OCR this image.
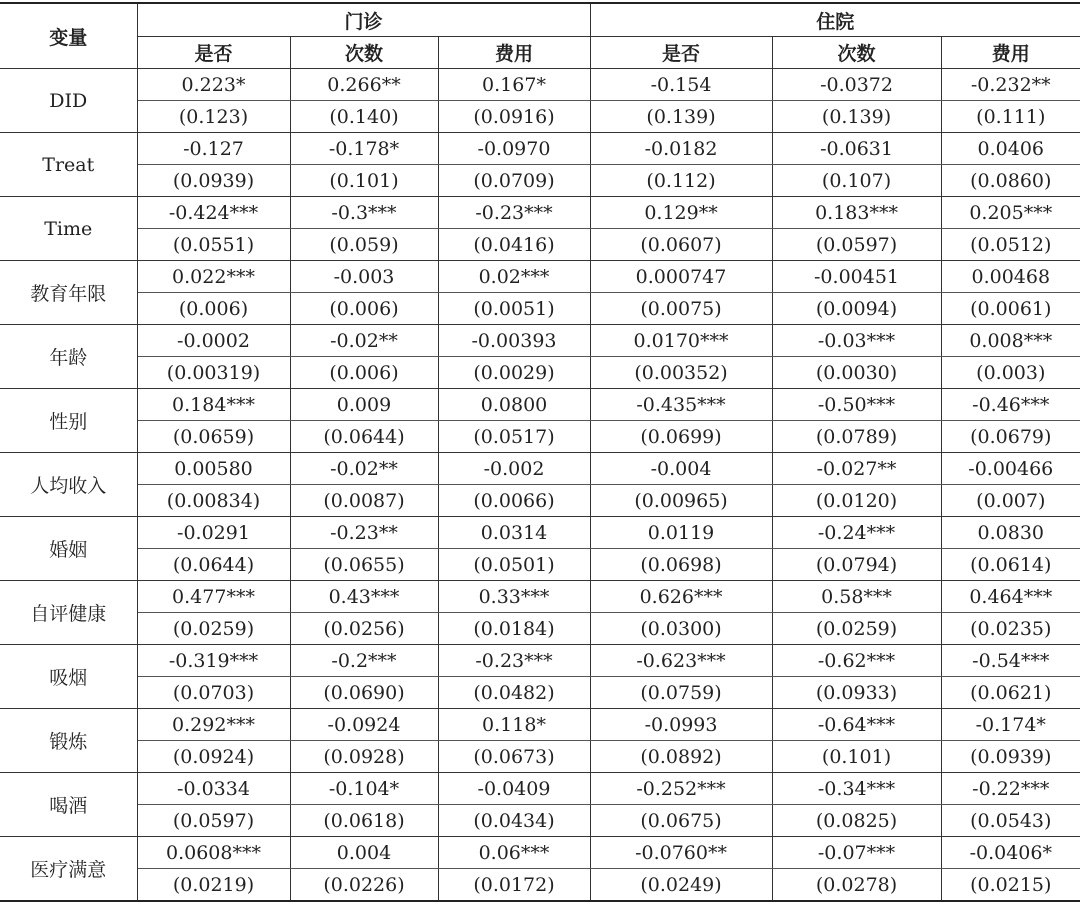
变量	门诊			住院		
	是否	次数	费用	是否	次数	费用
DID	0.223*	0.266**	0.167*	-0.154	-0.0372	-0.232**
	(0.123)	(0.140)	(0.0916)	(0.139)	(0.139)	(0.111)
Treat	-0.127	-0.178*	-0.0970	-0.0182	-0.0631	0.0406
	(0.0939)	(0.101)	(0.0709)	(0.112)	(0.107)	(0.0860)
Time	-0.424***	-0.3***	-0.23***	0.129**	0.183***	0.205***
	(0.0551)	(0.059)	(0.0416)	(0.0607)	(0.0597)	(0.0512)
教育年限	0.022***	-0.003	0.02***	0.000747	-0.00451	0.00468
	(0.006)	(0.006)	(0.0051)	(0.0075)	(0.0094)	(0.0061)
年龄	-0.0002	-0.02**	-0.00393	0.0170***	-0.03***	0.008***
	(0.00319)	(0.006)	(0.0029)	(0.00352)	(0.0030)	(0.003)
性别	0.184***	0.009	0.0800	-0.435***	-0.50***	-0.46***
	(0.0659)	(0.0644)	(0.0517)	(0.0699)	(0.0789)	(0.0679)
人均收入	0.00580	-0.02**	-0.002	-0.004	-0.027**	-0.00466
	(0.00834)	(0.0087)	(0.0066)	(0.00965)	(0.0120)	(0.007)
婚姻	-0.0291	-0.23**	0.0314	0.0119	-0.24***	0.0830
	(0.0644)	(0.0655)	(0.0501)	(0.0698)	(0.0794)	(0.0614)
自评健康	0.477***	0.43***	0.33***	0.626***	0.58***	0.464***
	(0.0259)	(0.0256)	(0.0184)	(0.0300)	(0.0259)	(0.0235)
吸烟	-0.319***	-0.2***	-0.23***	-0.623***	-0.62***	-0.54***
	(0.0703)	(0.0690)	(0.0482)	(0.0759)	(0.0933)	(0.0621)
锻炼	0.292***	-0.0924	0.118*	-0.0993	-0.64***	-0.174*
	(0.0924)	(0.0928)	(0.0673)	(0.0892)	(0.101)	(0.0939)
喝酒	-0.0334	-0.104*	-0.0409	-0.252***	-0.34***	-0.22***
	(0.0597)	(0.0618)	(0.0434)	(0.0675)	(0.0825)	(0.0543)
医疗满意	0.0608***	0.004	0.06***	-0.0760**	-0.07***	-0.0406*
	(0.0219)	(0.0226)	(0.0172)	(0.0249)	(0.0278)	(0.0215)
